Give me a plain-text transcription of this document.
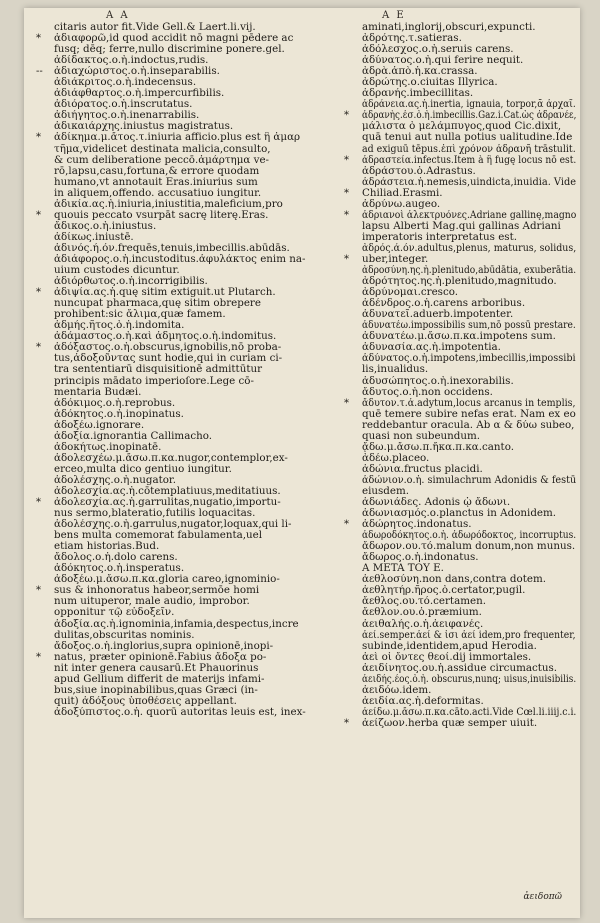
A A	A E
citaris autor fit.Vide Gell.& Laert.li.vij.
*	ἀδιαφορῶ,id quod accidit nō magni pēdere ac
fusq; dēq; ferre,nullo discrimine ponere.gel.
ἀδίδακτος.ο.ἡ.indoctus,rudis.
--	ἀδιαχώριστος.ο.ἡ.inseparabilis.
ἀδιάκριτος.ο.ἡ.indecensus.
ἀδιάφθαρτος.ο.ἡ.impercurfibilis.
ἀδιόρατος.ο.ἡ.inscrutatus.
ἀδιήγητος.ο.ἡ.inenarrabilis.
ἀδικαιάρχης.iniustus magistratus.
*	ἀδίκημα.μ.ἄτος.τ.iniuria afficio.plus est ἢ ἁμαρ
τῆμα,videlicet destinata malicia,consulto,
& cum deliberatione peccō.ἁμάρτημα ve-
rō,lapsu,casu,fortuna,& errore quodam
humano,vt annotauit Eras.iniurius sum
in aliquem,offendo. accusatiuo iungitur.
ἀδικία.ας.ἡ.iniuria,iniustitia,maleficium,pro
*	quouis peccato vsurpāt sacrę literę.Eras.
ἄδικος.ο.ἡ.iniustus.
ἀδίκως.iniustē.
ἀδινός.ή.όν.frequēs,tenuis,imbecillis.abūdās.
ἀδιάφορος.ο.ἡ.incustoditus.ἀφυλάκτος enim na-
uium custodes dicuntur.
ἀδιόρθωτος.ο.ἡ.incorrigibilis.
*	ἀδιψία.ας.ἡ.quę sitim extiguit.ut Plutarch.
nuncupat pharmaca,quę sitim obrepere
prohibent:sic ἄλιμα,quæ famem.
ἀδμής.ῆτος.ὁ.ἡ.indomita.
ἀδάμαστος.ο.ἡ.καὶ ἀδμητος.ο.ἡ.indomitus.
*	ἀδόξαστος.ο.ἡ.obscurus,ignobilis,nō proba-
tus,ἀδοξοῦντας sunt hodie,qui in curiam ci-
tra sententiarū disquisitionē admittūtur
principis mādato imperioſore.Lege cō-
mentaria Budæi.
ἀδόκιμος.ο.ἡ.reprobus.
ἀδόκητος.ο.ἡ.inopinatus.
ἀδοξέω.ignorare.
ἀδοξία.ignorantia Callimacho.
ἀδοκήτως.inopinatē.
ἀδολεσχέω.μ.ἄσω.π.κα.nugor,contemplor,ex-
erceo,multa dico gentiuo iungitur.
ἀδολέσχης.ο.ἡ.nugator.
ἀδολεσχία.ας.ἡ.cōtemplatiuus,meditatiuus.
*	ἀδολεσχία.ας.ἡ.garrulitas,nugatio,importu-
nus sermo,blateratio,futilis loquacitas.
ἀδολέσχης.ο.ἡ.garrulus,nugator,loquax,qui li-
bens multa comemorat fabulamenta,uel
etiam historias.Bud.
ἄδολος.ο.ἡ.dolo carens.
ἀδόκητος.ο.ἡ.insperatus.
ἀδοξέω.μ.ἄσω.π.κα.gloria careo,ignominio-
*	sus & inhonoratus habeor,sermōe homi
num uituperor, male audio, improbor.
opponitur τῷ εὐδοξεῖν.
ἀδοξία.ας.ἡ.ignominia,infamia,despectus,incre
dulitas,obscuritas nominis.
ἄδοξος.ο.ἡ.inglorius,supra opinionē,inopi-
*	natus, præter opinionē.Fabius ἄδοξα po-
nit inter genera causarū.Et Phauorinus
apud Gellium differit de materijs infami-
bus,siue inopinabilibus,quas Græci (in-
quit) ἀδόξους ὑποθέσεις appellant.
ἀδοξύπιστος.ο.ἡ. quorū autoritas leuis est, inex-
aminati,inglorij,obscuri,expuncti.
ἁδρότης.τ.satieras.
ἀδόλεσχος.ο.ἡ.seruis carens.
ἀδύνατος.ο.ἡ.qui ferire nequit.
ἁδρὰ.ἀπὸ.ἡ.κα.crassa.
ἁδρώτης.ο.ciuitas Illyrica.
ἀδρανής.imbecillitas.
ἀδράνεια.ας.ἡ.inertia, ignauia, torpor,ᾱ ἀρχαῖ.
*	ἀδρανὴς.ἐσ.ὁ.ἡ.imbecillis.Gaz.i.Cat.ὡς ἀδρανέε,
μάλιστα ὁ μελάμπυγος,quod Cic.dixit,
quā tenui aut nulla potius ualitudine.Ide
ad exiguū tēpus.ἐπὶ χρόνον ἀδρανῆ trāstulit.
*	ἀδραστεία.infectus.Item à ἢ fugę locus nō est.
ἀδράστου.ὁ.Adrastus.
ἀδράστεια.ἡ.nemesis,uindicta,inuidia. Vide
*	Chiliad.Erasmi.
ἀδρύνω.augeo.
*	ἀδριανοὶ ἀλεκτρυόνες.Adriane gallinę,magno
lapsu Alberti Mag.qui gallinas Adriani
imperatoris interpretatus est.
ἁδρός.ά.όν.adultus,plenus, maturus, solidus,
*	uber,integer.
ἁδροσύνη.ης.ἡ.plenitudo,abūdātia, exuberātia.
ἁδρότητος.ης.ἡ.plenitudo,magnitudo.
ἁδρύνομαι.cresco.
ἀδένδρος.ο.ἡ.carens arboribus.
ἀδυνατεῖ.aduerb.impotenter.
ἀδυνατέω.impossibilis sum,nō possū prestare.
ἀδυνατέω.μ.ἄσω.π.κα.impotens sum.
ἀδυνασία.ας.ἡ.impotentia.
ἀδύνατος.ο.ἡ.impotens,imbecillis,impossibi
lis,inualidus.
ἀδυσώπητος.ο.ἡ.inexorabilis.
ἄδυτος.ο.ἡ.non occidens.
*	ἄδυτον.τ.ἀ.adytum,locus arcanus in templis,
quē temere subire nefas erat. Nam ex eo
reddebantur oracula. Ab α & δύω subeo,
quasi non subeundum.
ᾄδω.μ.ἄσω.π.ἤκα.π.κα.canto.
ἁδέω.placeo.
ἀδώνια.fructus placidi.
ἀδώνιον.ο.ἡ. simulachrum Adonidis & festū
eiusdem.
ἀδωνιάδες. Adonis ᾡ ἄδωνι.
ἀδωνιασμός.ο.planctus in Adonidem.
*	ἀδώρητος.indonatus.
ἀδωροδόκητος.ο.ἡ. ἀδωρόδοκτος, incorruptus.
ἄδωρον.ου.τό.malum donum,non munus.
ἄδωρος.ο.ἡ.indonatus.
A META TOY E.
ἀεθλοσύνη.non dans,contra dotem.
ἀεθλητήρ.ῆρος.ὁ.certator,pugil.
ἄεθλος.ου.τό.certamen.
ἄεθλον.ου.ὁ.præmium.
ἀειθαλής.ο.ἡ.ἀειφανές.
ἀεί.semper.ἀεί & ἰσι ἀεί idem,pro frequenter,
subinde,identidem,apud Herodia.
ἀεὶ οἱ ὄντες θεοί.dij immortales.
ἀειδίνητος.ου.ἡ.assidue circumactus.
ἀειδής.έος.ὁ.ἡ. obscurus,nunq; uisus,inuisibilis.
ἀειδόω.idem.
ἀειδία.ας.ἡ.deformitas.
ἀείδω.μ.ἄσω.π.κα.cāto.acti.Vide Cœl.li.iiij.c.i.
*	ἀείζωον.herba quæ semper uiuit.
ἀειδοπῶ
